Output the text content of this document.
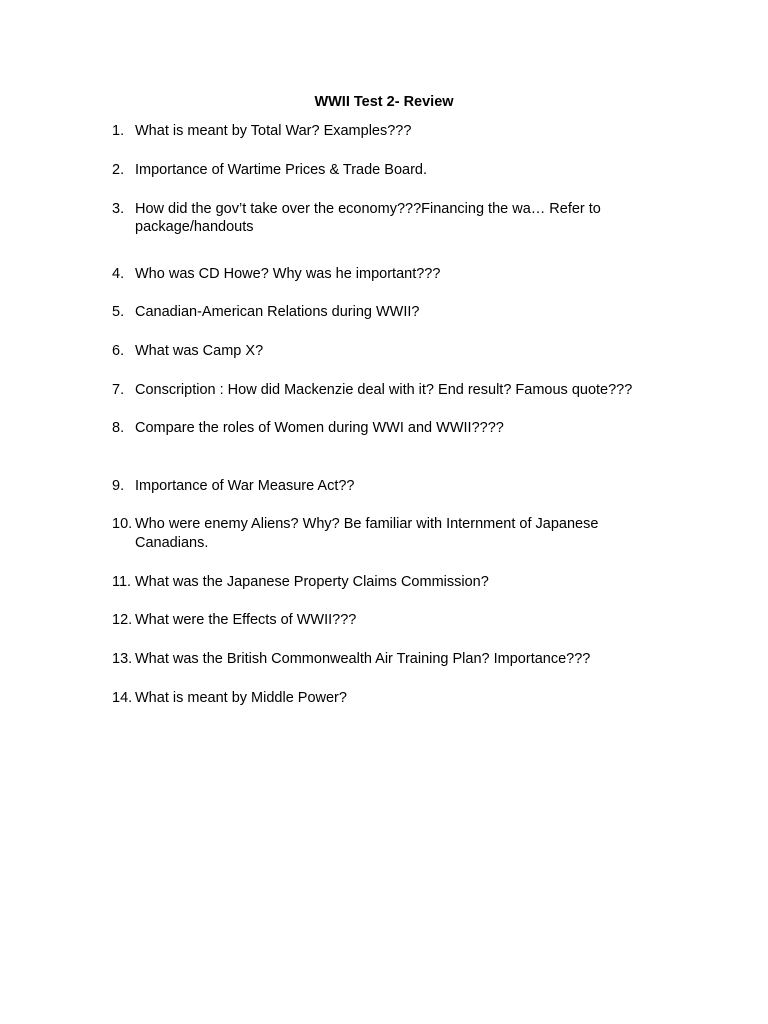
WWII Test 2- Review
1. What is meant by Total War? Examples???
2. Importance of Wartime Prices & Trade Board.
3. How did the gov’t take over the economy???Financing the wa… Refer to
package/handouts
4. Who was CD Howe? Why was he important???
5. Canadian-American Relations during WWII?
6. What was Camp X?
7. Conscription : How did Mackenzie deal with it? End result? Famous quote???
8. Compare the roles of Women during WWI and WWII????
9. Importance of War Measure Act??
10. Who were enemy Aliens? Why? Be familiar with Internment of Japanese
Canadians.
11. What was the Japanese Property Claims Commission?
12. What were the Effects of WWII???
13. What was the British Commonwealth Air Training Plan? Importance???
14. What is meant by Middle Power?
